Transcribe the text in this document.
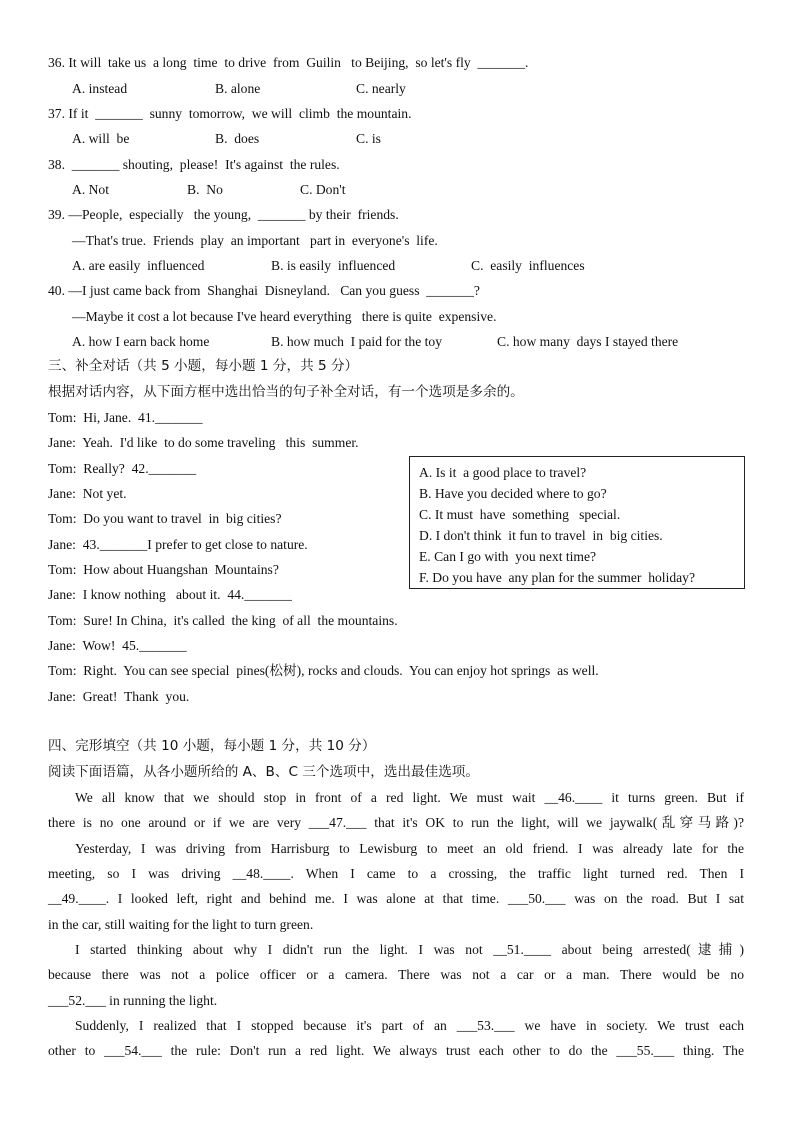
36. It will  take us  a long  time  to drive  from  Guilin   to Beijing,  so let's fly  _______.
A. instead	B. alone	C. nearly
37. If it  _______  sunny  tomorrow,  we will  climb  the mountain.
A. will  be	B.  does	C. is
38.  _______ shouting,  please!  It's against  the rules.
A. Not	B.  No	C. Don't
39. —People,  especially   the young,  _______ by their  friends.
—That's true.  Friends  play  an important   part in  everyone's  life.
A. are easily  influenced	B. is easily  influenced	C.  easily  influences
40. —I just came back from  Shanghai  Disneyland.   Can you guess  _______?
—Maybe it cost a lot because I've heard everything   there is quite  expensive.
A. how I earn back home	B. how much  I paid for the toy	C. how many  days I stayed there
三、补全对话（共 5 小题，每小题 1 分，共 5 分）
根据对话内容，从下面方框中选出恰当的句子补全对话，有一个选项是多余的。
Tom:  Hi, Jane.  41._______
Jane:  Yeah.  I'd like  to do some traveling   this  summer.
Tom:  Really?  42._______
Jane:  Not yet.
Tom:  Do you want to travel  in  big cities?
Jane:  43._______I prefer to get close to nature.
Tom:  How about Huangshan  Mountains?
Jane:  I know nothing   about it.  44._______
Tom:  Sure! In China,  it's called  the king  of all  the mountains.
Jane:  Wow!  45._______
Tom:  Right.  You can see special  pines(松树), rocks and clouds.  You can enjoy hot springs  as well.
Jane:  Great!  Thank  you.
A. Is it  a good place to travel?
B. Have you decided where to go?
C. It must  have  something   special.
D. I don't think  it fun to travel  in  big cities.
E. Can I go with  you next time?
F. Do you have  any plan for the summer  holiday?
四、完形填空（共 10 小题，每小题 1 分，共 10 分）
阅读下面语篇，从各小题所给的 A、B、C 三个选项中，选出最佳选项。
We all know that we should stop in front of a red light. We must wait __46.____ it turns green. But if
there is no one around or if we are very ___47.___ that it's OK to run the light, will we jaywalk(乱穿马路)?
Yesterday, I was driving from Harrisburg to Lewisburg to meet an old friend. I was already late for the
meeting, so I was driving __48.____. When I came to a crossing, the traffic light turned red. Then I
__49.____. I looked left, right and behind me. I was alone at that time. ___50.___ was on the road. But I sat
in the car, still waiting for the light to turn green.
I started thinking about why I didn't run the light. I was not __51.____ about being arrested(逮捕)
because there was not a police officer or a camera. There was not a car or a man. There would be no
___52.___ in running the light.
Suddenly, I realized that I stopped because it's part of an ___53.___ we have in society. We trust each
other to ___54.___ the rule: Don't run a red light. We always trust each other to do the ___55.___ thing. The
